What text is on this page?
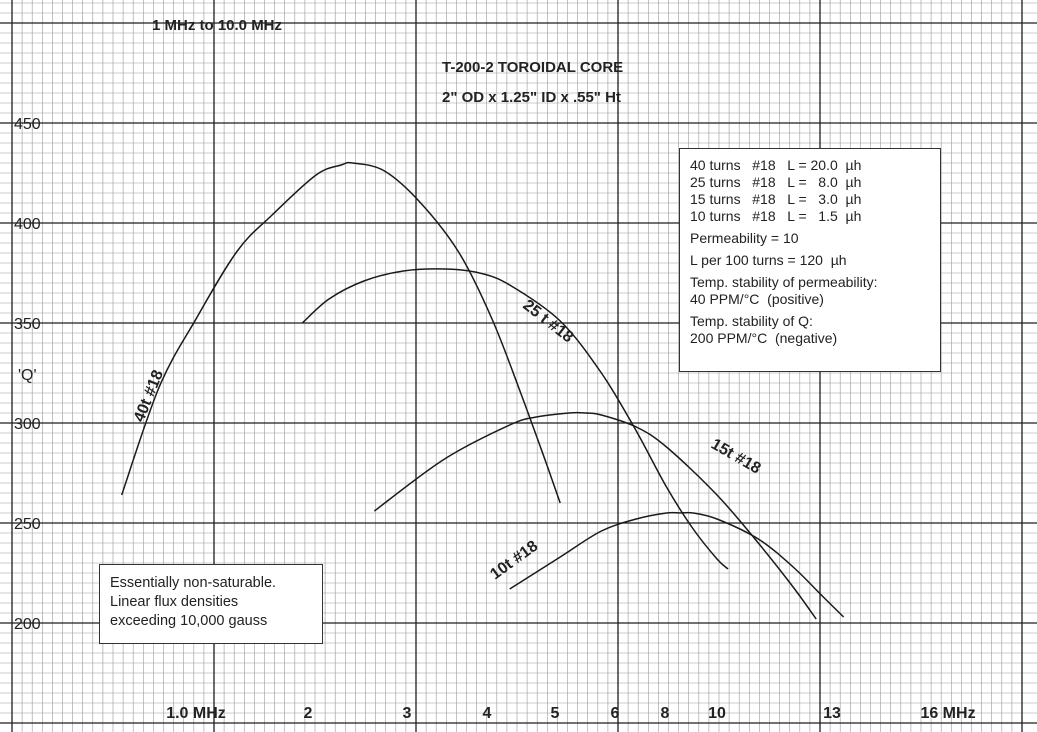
1.0 MHz	2	3	4	5	6	8 10	13	16 MHz
200
250
300
350
400
450
1 MHz to 10.0 MHz
T-200-2 TOROIDAL CORE
2" OD x 1.25" ID x .55" Ht
'Q'	40t #18
25 t #18
15t #18
10t #18
40 turns   #18   L = 20.0  µh
25 turns   #18   L =   8.0  µh
15 turns   #18   L =   3.0  µh
10 turns   #18   L =   1.5  µh
Permeability = 10
L per 100 turns = 120  µh
Temp. stability of permeability:
40 PPM/°C  (positive)
Temp. stability of Q:
200 PPM/°C  (negative)
Essentially non-saturable.
Linear flux densities
exceeding 10,000 gauss
